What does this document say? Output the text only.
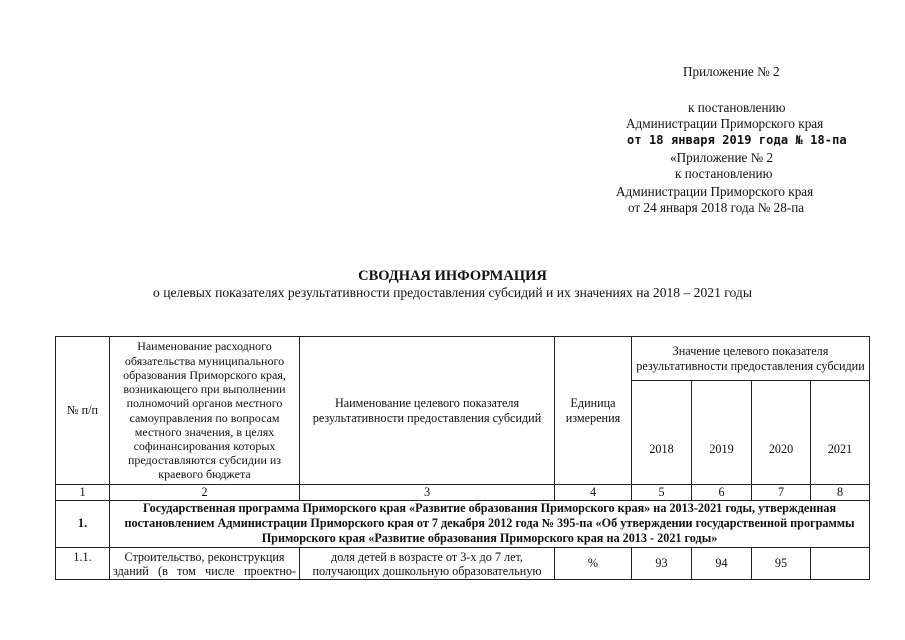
Приложение № 2
к постановлению
Администрации Приморского края
от 18 января 2019 года № 18-па
«Приложение № 2
к постановлению
Администрации Приморского края
от 24 января 2018 года № 28-па
СВОДНАЯ ИНФОРМАЦИЯ
о целевых показателях результативности предоставления субсидий и их значениях на 2018 – 2021 годы
№ п/п	Наименование расходного обязательства муниципального образования Приморского края, возникающего при выполнении полномочий органов местного самоуправления по вопросам местного значения, в целях софинансирования которых предоставляются субсидии из краевого бюджета	Наименование целевого показателя результативности предоставления субсидий	Единица измерения	Значение целевого показателя результативности предоставления субсидии			
				2018	2019	2020	2021
1	2	3	4	5	6	7	8
1.	Государственная программа Приморского края «Развитие образования Приморского края» на 2013-2021 годы, утвержденная постановлением Администрации Приморского края от 7 декабря 2012 года № 395-па «Об утверждении государственной программы Приморского края «Развитие образования Приморского края на 2013 - 2021 годы»						
1.1.	Строительство, реконструкция зданий (в том числе проектно-	доля детей в возрасте от 3-х до 7 лет, получающих дошкольную образовательную	%	93	94	95	
